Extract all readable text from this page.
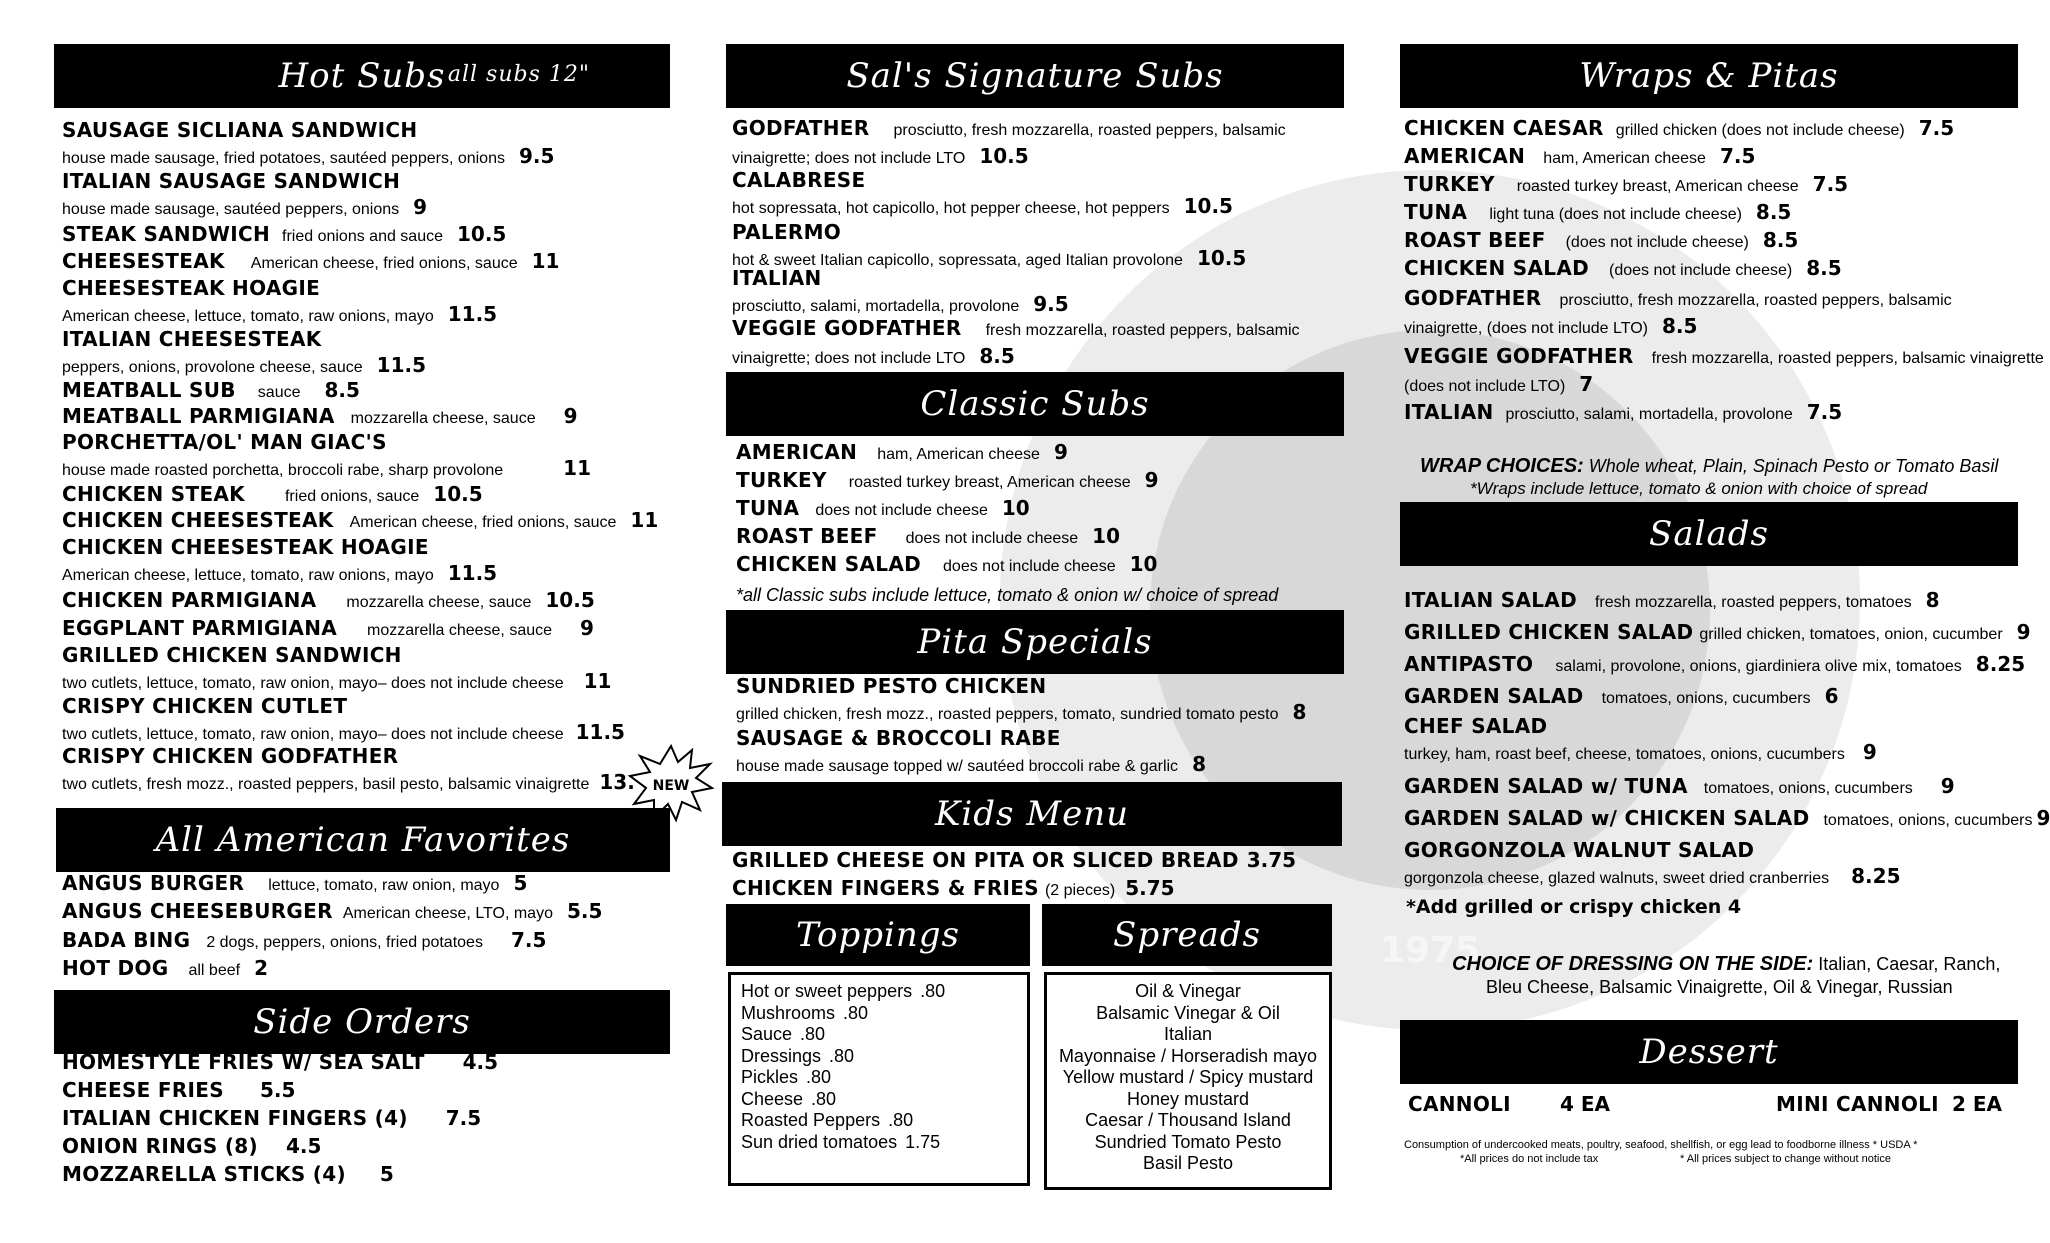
1975
Hot Subs all subs 12"
SAUSAGE SICLIANA SANDWICH
house made sausage, fried potatoes, sautéed peppers, onions 9.5
ITALIAN SAUSAGE SANDWICH
house made sausage, sautéed peppers, onions 9
STEAK SANDWICH fried onions and sauce 10.5
CHEESESTEAK American cheese, fried onions, sauce 11
CHEESESTEAK HOAGIE
American cheese, lettuce, tomato, raw onions, mayo 11.5
ITALIAN CHEESESTEAK
peppers, onions, provolone cheese, sauce 11.5
MEATBALL SUB sauce 8.5
MEATBALL PARMIGIANA mozzarella cheese, sauce 9
PORCHETTA/OL' MAN GIAC'S
house made roasted porchetta, broccoli rabe, sharp provolone	11
CHICKEN STEAK	fried onions, sauce 10.5
CHICKEN CHEESESTEAK American cheese, fried onions, sauce 11
CHICKEN CHEESESTEAK HOAGIE
American cheese, lettuce, tomato, raw onions, mayo 11.5
CHICKEN PARMIGIANA mozzarella cheese, sauce 10.5
EGGPLANT PARMIGIANA mozzarella cheese, sauce 9
GRILLED CHICKEN SANDWICH
two cutlets, lettuce, tomato, raw onion, mayo– does not include cheese 11
CRISPY CHICKEN CUTLET
two cutlets, lettuce, tomato, raw onion, mayo– does not include cheese 11.5
CRISPY CHICKEN GODFATHER
two cutlets, fresh mozz., roasted peppers, basil pesto, balsamic vinaigrette 13. NEW
All American Favorites
ANGUS BURGER lettuce, tomato, raw onion, mayo 5
ANGUS CHEESEBURGER American cheese, LTO, mayo 5.5
BADA BING 2 dogs, peppers, onions, fried potatoes 7.5
HOT DOG all beef 2
Side Orders
HOMESTYLE FRIES W/ SEA SALT 4.5
CHEESE FRIES 5.5
ITALIAN CHICKEN FINGERS (4) 7.5
ONION RINGS (8) 4.5
MOZZARELLA STICKS (4) 5
Sal's Signature Subs
GODFATHER prosciutto, fresh mozzarella, roasted peppers, balsamic
vinaigrette; does not include LTO 10.5
CALABRESE
hot sopressata, hot capicollo, hot pepper cheese, hot peppers 10.5
PALERMO
hot & sweet Italian capicollo, sopressata, aged Italian provolone 10.5
ITALIAN
prosciutto, salami, mortadella, provolone 9.5
VEGGIE GODFATHER fresh mozzarella, roasted peppers, balsamic
vinaigrette; does not include LTO 8.5
Classic Subs
AMERICAN ham, American cheese 9
TURKEY roasted turkey breast, American cheese 9
TUNA does not include cheese 10
ROAST BEEF does not include cheese 10
CHICKEN SALAD does not include cheese 10
*all Classic subs include lettuce, tomato & onion w/ choice of spread
Pita Specials
SUNDRIED PESTO CHICKEN
grilled chicken, fresh mozz., roasted peppers, tomato, sundried tomato pesto 8
SAUSAGE & BROCCOLI RABE
house made sausage topped w/ sautéed broccoli rabe & garlic 8
Kids Menu
GRILLED CHEESE ON PITA OR SLICED BREAD 3.75
CHICKEN FINGERS & FRIES (2 pieces) 5.75
Toppings
Hot or sweet peppers .80
Mushrooms .80
Sauce .80
Dressings .80
Pickles .80
Cheese .80
Roasted Peppers .80
Sun dried tomatoes 1.75
Spreads
Oil & Vinegar
Balsamic Vinegar & Oil
Italian
Mayonnaise / Horseradish mayo
Yellow mustard / Spicy mustard
Honey mustard
Caesar / Thousand Island
Sundried Tomato Pesto
Basil Pesto
Wraps & Pitas
CHICKEN CAESAR grilled chicken (does not include cheese) 7.5
AMERICAN ham, American cheese 7.5
TURKEY roasted turkey breast, American cheese 7.5
TUNA light tuna (does not include cheese) 8.5
ROAST BEEF (does not include cheese) 8.5
CHICKEN SALAD (does not include cheese) 8.5
GODFATHER prosciutto, fresh mozzarella, roasted peppers, balsamic
vinaigrette, (does not include LTO) 8.5
VEGGIE GODFATHER fresh mozzarella, roasted peppers, balsamic vinaigrette
(does not include LTO) 7
ITALIAN prosciutto, salami, mortadella, provolone 7.5
WRAP CHOICES: Whole wheat, Plain, Spinach Pesto or Tomato Basil
*Wraps include lettuce, tomato & onion with choice of spread
Salads
ITALIAN SALAD fresh mozzarella, roasted peppers, tomatoes 8
GRILLED CHICKEN SALAD grilled chicken, tomatoes, onion, cucumber 9
ANTIPASTO salami, provolone, onions, giardiniera olive mix, tomatoes 8.25
GARDEN SALAD tomatoes, onions, cucumbers 6
CHEF SALAD
turkey, ham, roast beef, cheese, tomatoes, onions, cucumbers 9
GARDEN SALAD w/ TUNA tomatoes, onions, cucumbers 9
GARDEN SALAD w/ CHICKEN SALAD tomatoes, onions, cucumbers 9
GORGONZOLA WALNUT SALAD
gorgonzola cheese, glazed walnuts, sweet dried cranberries 8.25
*Add grilled or crispy chicken 4
CHOICE OF DRESSING ON THE SIDE: Italian, Caesar, Ranch,
Bleu Cheese, Balsamic Vinaigrette, Oil & Vinegar, Russian
Dessert
CANNOLI 4 EA	MINI CANNOLI 2 EA
Consumption of undercooked meats, poultry, seafood, shellfish, or egg lead to foodborne illness * USDA *
*All prices do not include tax	* All prices subject to change without notice
